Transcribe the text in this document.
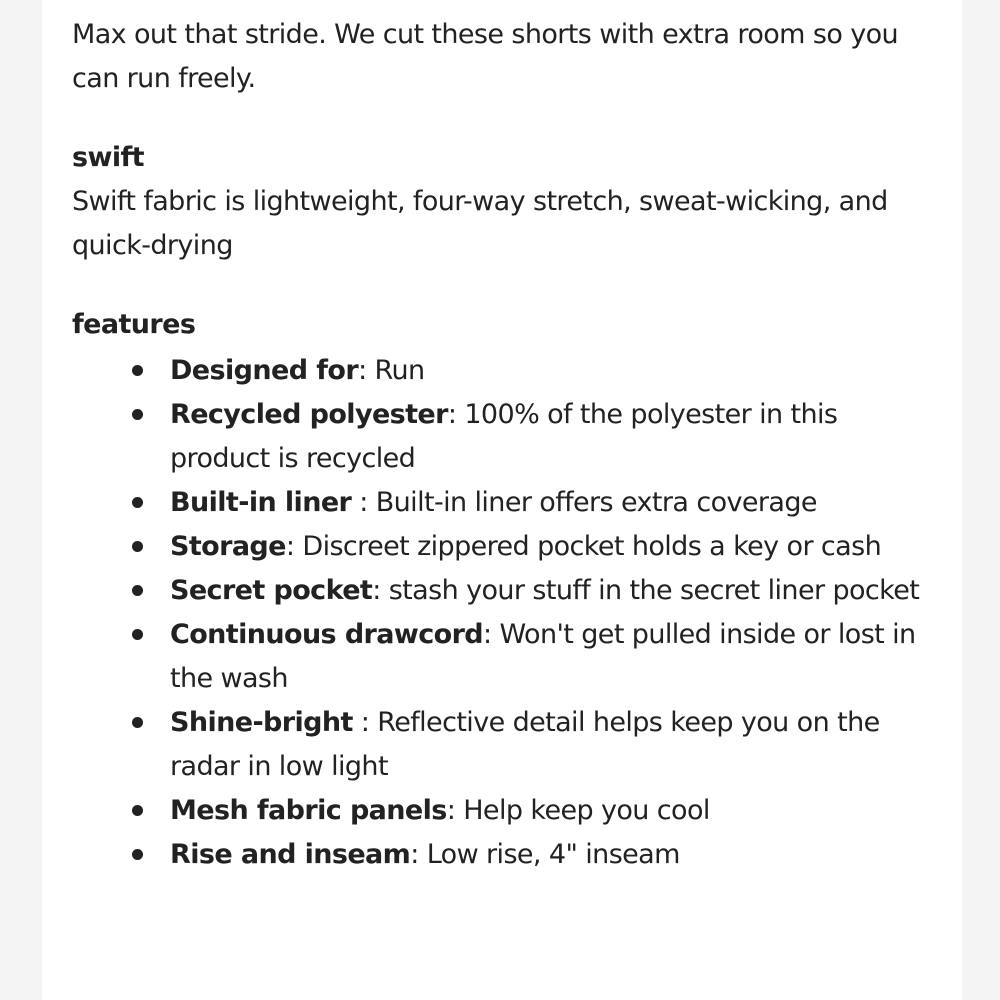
Max out that stride. We cut these shorts with extra room so you can run freely.

swift

Swift fabric is lightweight, four-way stretch, sweat-wicking, and quick-drying

features
Designed for: Run
Recycled polyester: 100% of the polyester in this product is recycled
Built-in liner : Built-in liner offers extra coverage
Storage: Discreet zippered pocket holds a key or cash
Secret pocket: stash your stuff in the secret liner pocket
Continuous drawcord: Won't get pulled inside or lost in the wash
Shine-bright : Reflective detail helps keep you on the radar in low light
Mesh fabric panels: Help keep you cool
Rise and inseam: Low rise, 4" inseam
